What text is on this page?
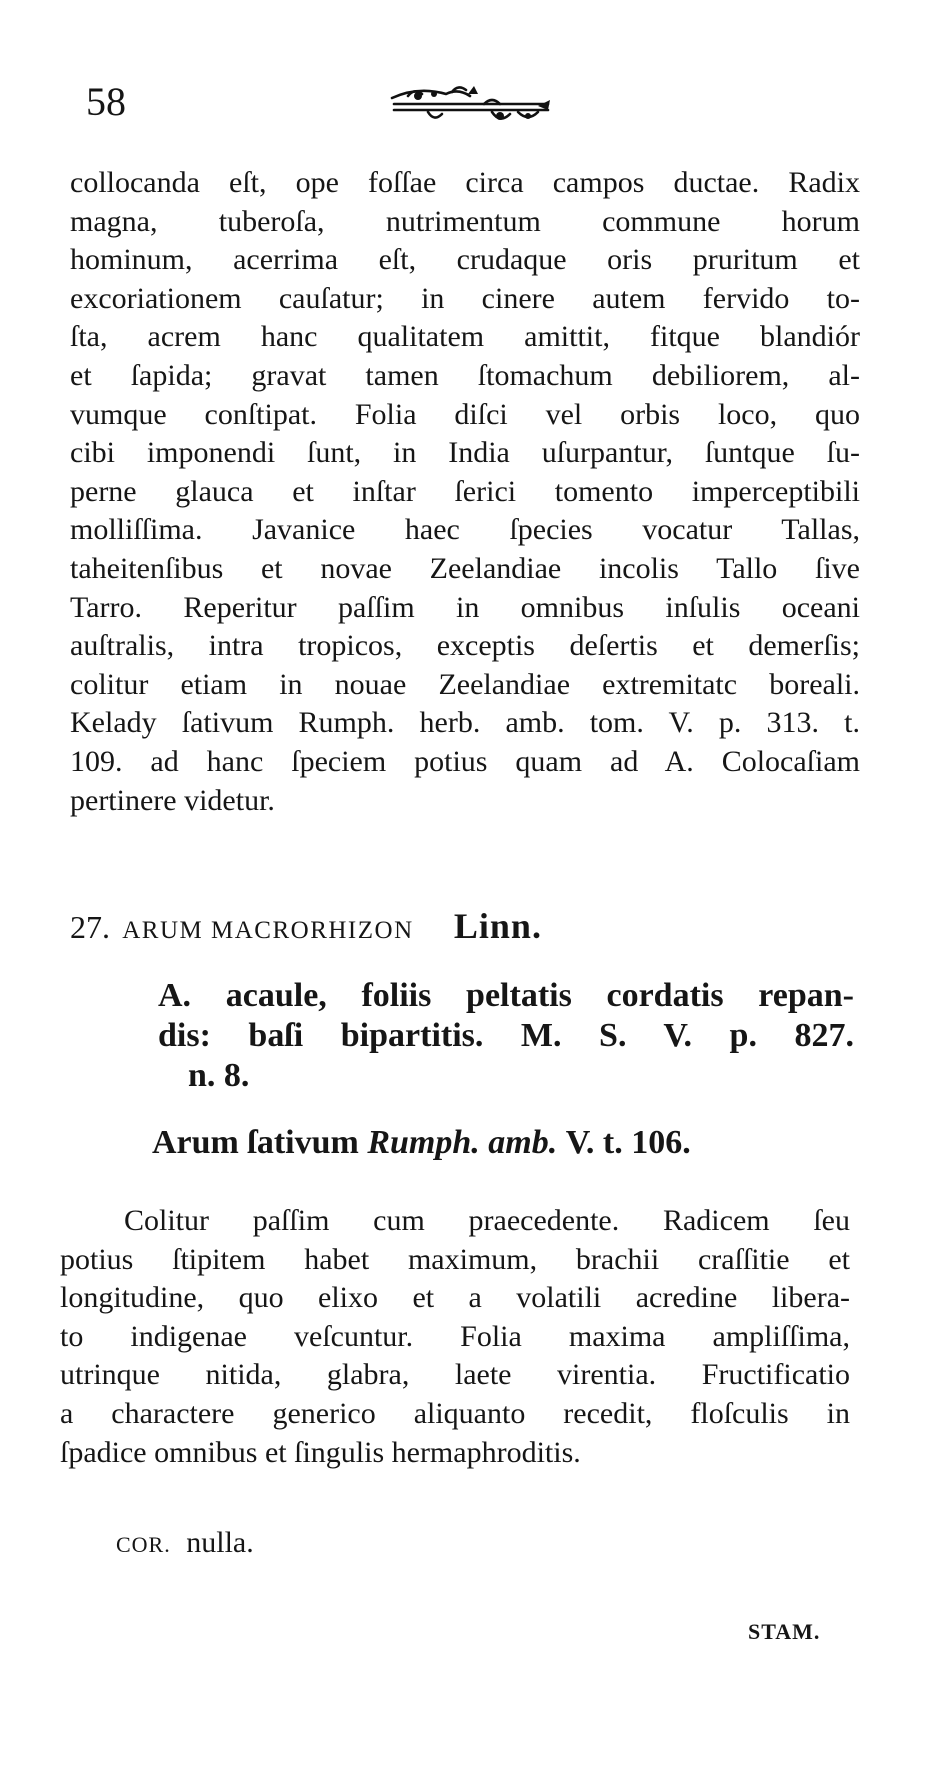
58
collocanda eſt, ope foſſae circa campos ductae. Radix
magna, tuberoſa, nutrimentum commune horum
hominum, acerrima eſt, crudaque oris pruritum et
excoriationem cauſatur; in cinere autem fervido to-
ſta, acrem hanc qualitatem amittit, fitque blandiór
et ſapida; gravat tamen ſtomachum debiliorem, al-
vumque conſtipat. Folia diſci vel orbis loco, quo
cibi imponendi ſunt, in India uſurpantur, ſuntque ſu-
perne glauca et inſtar ſerici tomento imperceptibili
molliſſima. Javanice haec ſpecies vocatur Tallas,
taheitenſibus et novae Zeelandiae incolis Tallo ſive
Tarro. Reperitur paſſim in omnibus inſulis oceani
auſtralis, intra tropicos, exceptis deſertis et demerſis;
colitur etiam in nouae Zeelandiae extremitatc boreali.
Kelady ſativum Rumph. herb. amb. tom. V. p. 313. t.
109. ad hanc ſpeciem potius quam ad A. Colocaſiam
pertinere videtur.
27. ARUM MACRORHIZON Linn.
A. acaule, foliis peltatis cordatis repan-
dis: baſi bipartitis. M. S. V. p. 827.
n. 8.
Arum ſativum Rumph. amb. V. t. 106.
Colitur paſſim cum praecedente. Radicem ſeu
potius ſtipitem habet maximum, brachii craſſitie et
longitudine, quo elixo et a volatili acredine libera-
to indigenae veſcuntur. Folia maxima ampliſſima,
utrinque nitida, glabra, laete virentia. Fructificatio
a charactere generico aliquanto recedit, floſculis in
ſpadice omnibus et ſingulis hermaphroditis.
COR. nulla.
STAM.
